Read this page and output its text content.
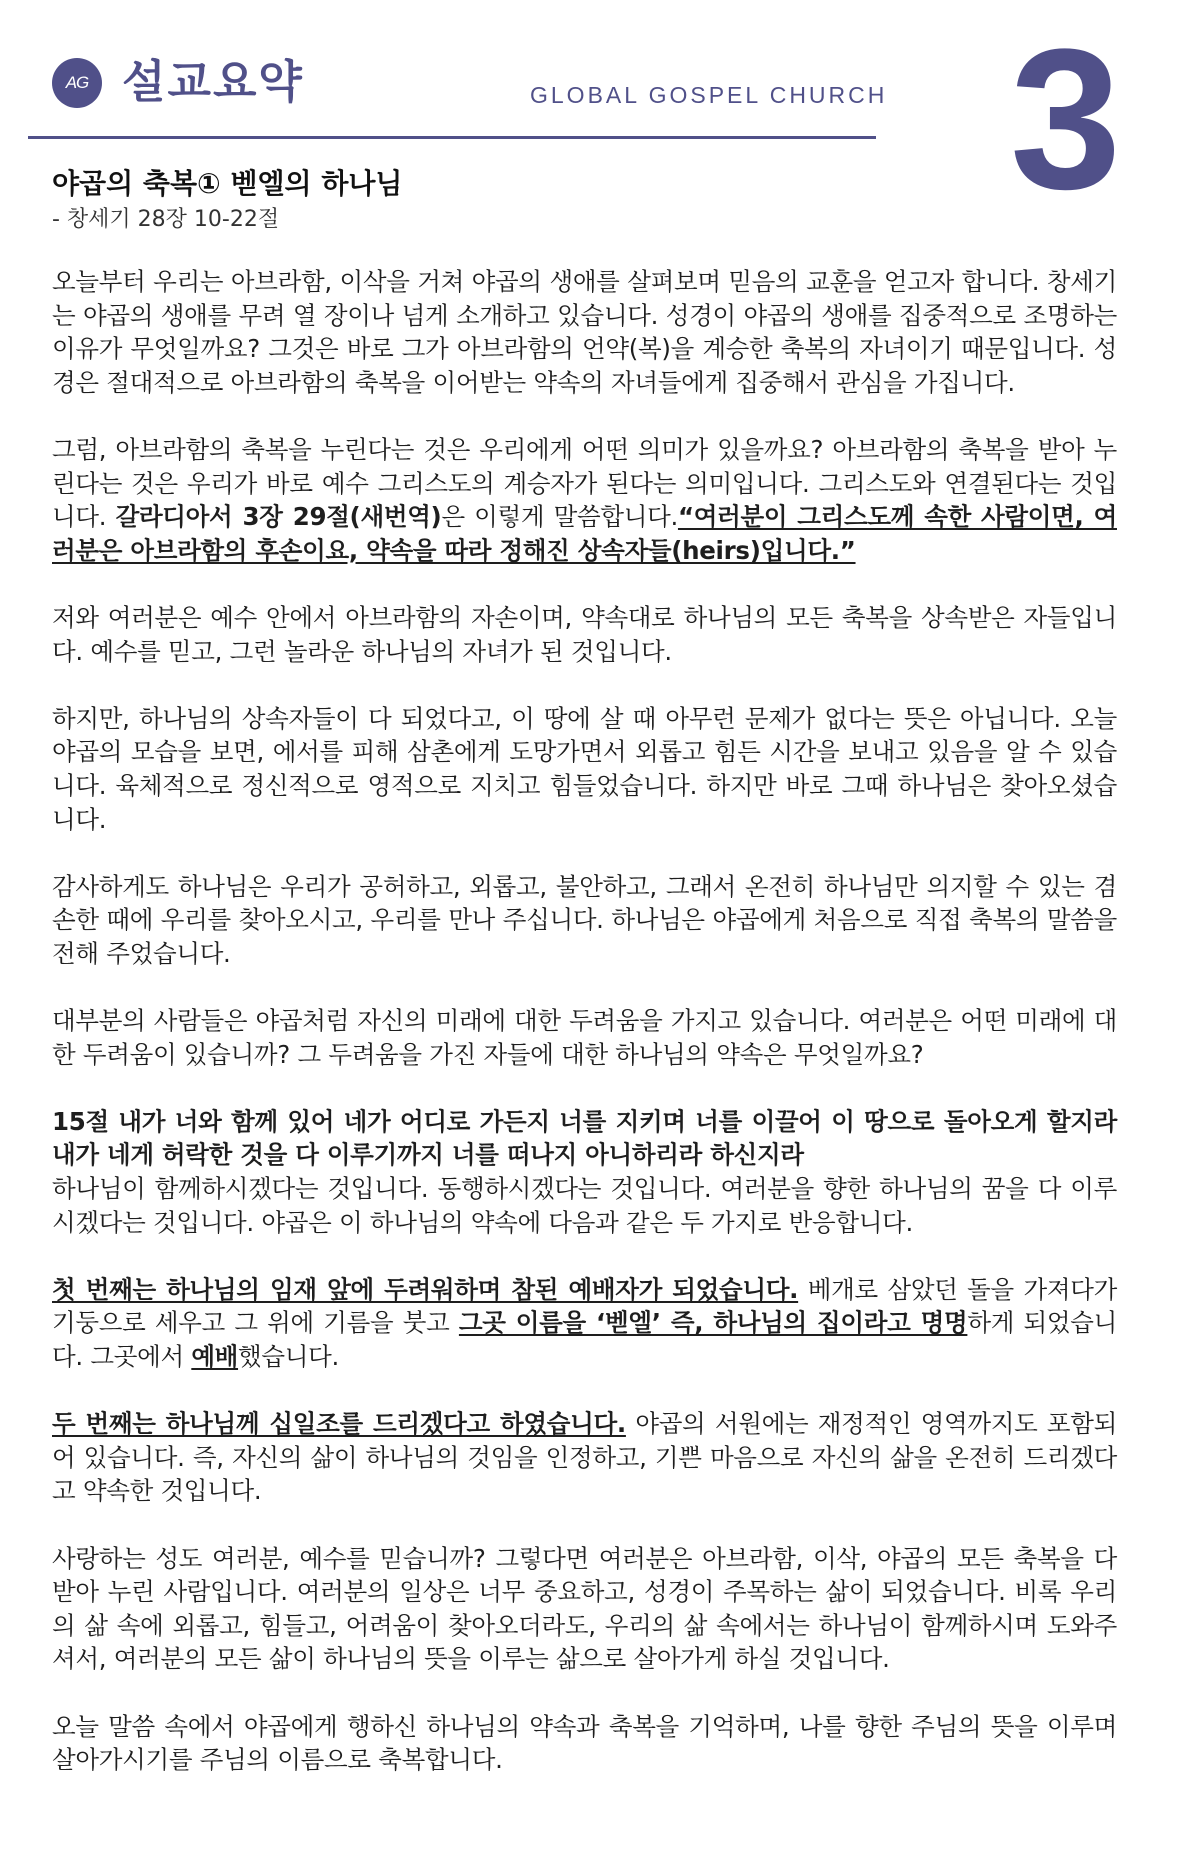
AG 설교요약	GLOBAL GOSPEL CHURCH 3
야곱의 축복① 벧엘의 하나님
- 창세기 28장 10-22절

오늘부터 우리는 아브라함, 이삭을 거쳐 야곱의 생애를 살펴보며 믿음의 교훈을 얻고자 합니다. 창세기는 야곱의 생애를 무려 열 장이나 넘게 소개하고 있습니다. 성경이 야곱의 생애를 집중적으로 조명하는 이유가 무엇일까요? 그것은 바로 그가 아브라함의 언약(복)을 계승한 축복의 자녀이기 때문입니다. 성경은 절대적으로 아브라함의 축복을 이어받는 약속의 자녀들에게 집중해서 관심을 가집니다.

그럼, 아브라함의 축복을 누린다는 것은 우리에게 어떤 의미가 있을까요? 아브라함의 축복을 받아 누린다는 것은 우리가 바로 예수 그리스도의 계승자가 된다는 의미입니다. 그리스도와 연결된다는 것입니다. 갈라디아서 3장 29절(새번역)은 이렇게 말씀합니다.“여러분이 그리스도께 속한 사람이면, 여러분은 아브라함의 후손이요, 약속을 따라 정해진 상속자들(heirs)입니다.”

저와 여러분은 예수 안에서 아브라함의 자손이며, 약속대로 하나님의 모든 축복을 상속받은 자들입니다. 예수를 믿고, 그런 놀라운 하나님의 자녀가 된 것입니다.

하지만, 하나님의 상속자들이 다 되었다고, 이 땅에 살 때 아무런 문제가 없다는 뜻은 아닙니다. 오늘 야곱의 모습을 보면, 에서를 피해 삼촌에게 도망가면서 외롭고 힘든 시간을 보내고 있음을 알 수 있습니다. 육체적으로 정신적으로 영적으로 지치고 힘들었습니다. 하지만 바로 그때 하나님은 찾아오셨습니다.

감사하게도 하나님은 우리가 공허하고, 외롭고, 불안하고, 그래서 온전히 하나님만 의지할 수 있는 겸손한 때에 우리를 찾아오시고, 우리를 만나 주십니다. 하나님은 야곱에게 처음으로 직접 축복의 말씀을 전해 주었습니다.

대부분의 사람들은 야곱처럼 자신의 미래에 대한 두려움을 가지고 있습니다. 여러분은 어떤 미래에 대한 두려움이 있습니까? 그 두려움을 가진 자들에 대한 하나님의 약속은 무엇일까요?

15절 내가 너와 함께 있어 네가 어디로 가든지 너를 지키며 너를 이끌어 이 땅으로 돌아오게 할지라 내가 네게 허락한 것을 다 이루기까지 너를 떠나지 아니하리라 하신지라
하나님이 함께하시겠다는 것입니다. 동행하시겠다는 것입니다. 여러분을 향한 하나님의 꿈을 다 이루시겠다는 것입니다. 야곱은 이 하나님의 약속에 다음과 같은 두 가지로 반응합니다.

첫 번째는 하나님의 임재 앞에 두려워하며 참된 예배자가 되었습니다. 베개로 삼았던 돌을 가져다가 기둥으로 세우고 그 위에 기름을 붓고 그곳 이름을 ‘벧엘’ 즉, 하나님의 집이라고 명명하게 되었습니다. 그곳에서 예배했습니다.

두 번째는 하나님께 십일조를 드리겠다고 하였습니다. 야곱의 서원에는 재정적인 영역까지도 포함되어 있습니다. 즉, 자신의 삶이 하나님의 것임을 인정하고, 기쁜 마음으로 자신의 삶을 온전히 드리겠다고 약속한 것입니다.

사랑하는 성도 여러분, 예수를 믿습니까? 그렇다면 여러분은 아브라함, 이삭, 야곱의 모든 축복을 다 받아 누린 사람입니다. 여러분의 일상은 너무 중요하고, 성경이 주목하는 삶이 되었습니다. 비록 우리의 삶 속에 외롭고, 힘들고, 어려움이 찾아오더라도, 우리의 삶 속에서는 하나님이 함께하시며 도와주셔서, 여러분의 모든 삶이 하나님의 뜻을 이루는 삶으로 살아가게 하실 것입니다.

오늘 말씀 속에서 야곱에게 행하신 하나님의 약속과 축복을 기억하며, 나를 향한 주님의 뜻을 이루며 살아가시기를 주님의 이름으로 축복합니다.
